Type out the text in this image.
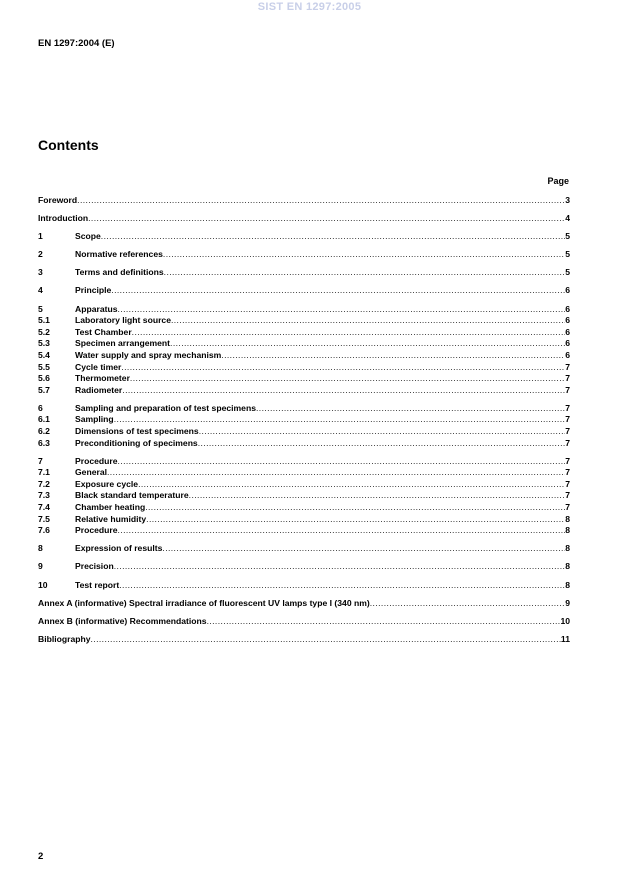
SIST EN 1297:2005
EN 1297:2004 (E)
Contents
Page
Foreword .....	3
Introduction .....	4
1	Scope .....	5
2	Normative references .....	5
3	Terms and definitions .....	5
4	Principle .....	6
5	Apparatus .....	6
5.1	Laboratory light source .....	6
5.2	Test Chamber .....	6
5.3	Specimen arrangement .....	6
5.4	Water supply and spray mechanism .....	6
5.5	Cycle timer .....	7
5.6	Thermometer .....	7
5.7	Radiometer .....	7
6	Sampling and preparation of test specimens .....	7
6.1	Sampling .....	7
6.2	Dimensions of test specimens .....	7
6.3	Preconditioning of specimens .....	7
7	Procedure .....	7
7.1	General .....	7
7.2	Exposure cycle .....	7
7.3	Black standard temperature .....	7
7.4	Chamber heating .....	7
7.5	Relative humidity .....	8
7.6	Procedure .....	8
8	Expression of results .....	8
9	Precision .....	8
10	Test report .....	8
Annex A (informative) Spectral irradiance of fluorescent UV lamps type I (340 nm) .....	9
Annex B (informative) Recommendations .....	10
Bibliography .....	11
2
